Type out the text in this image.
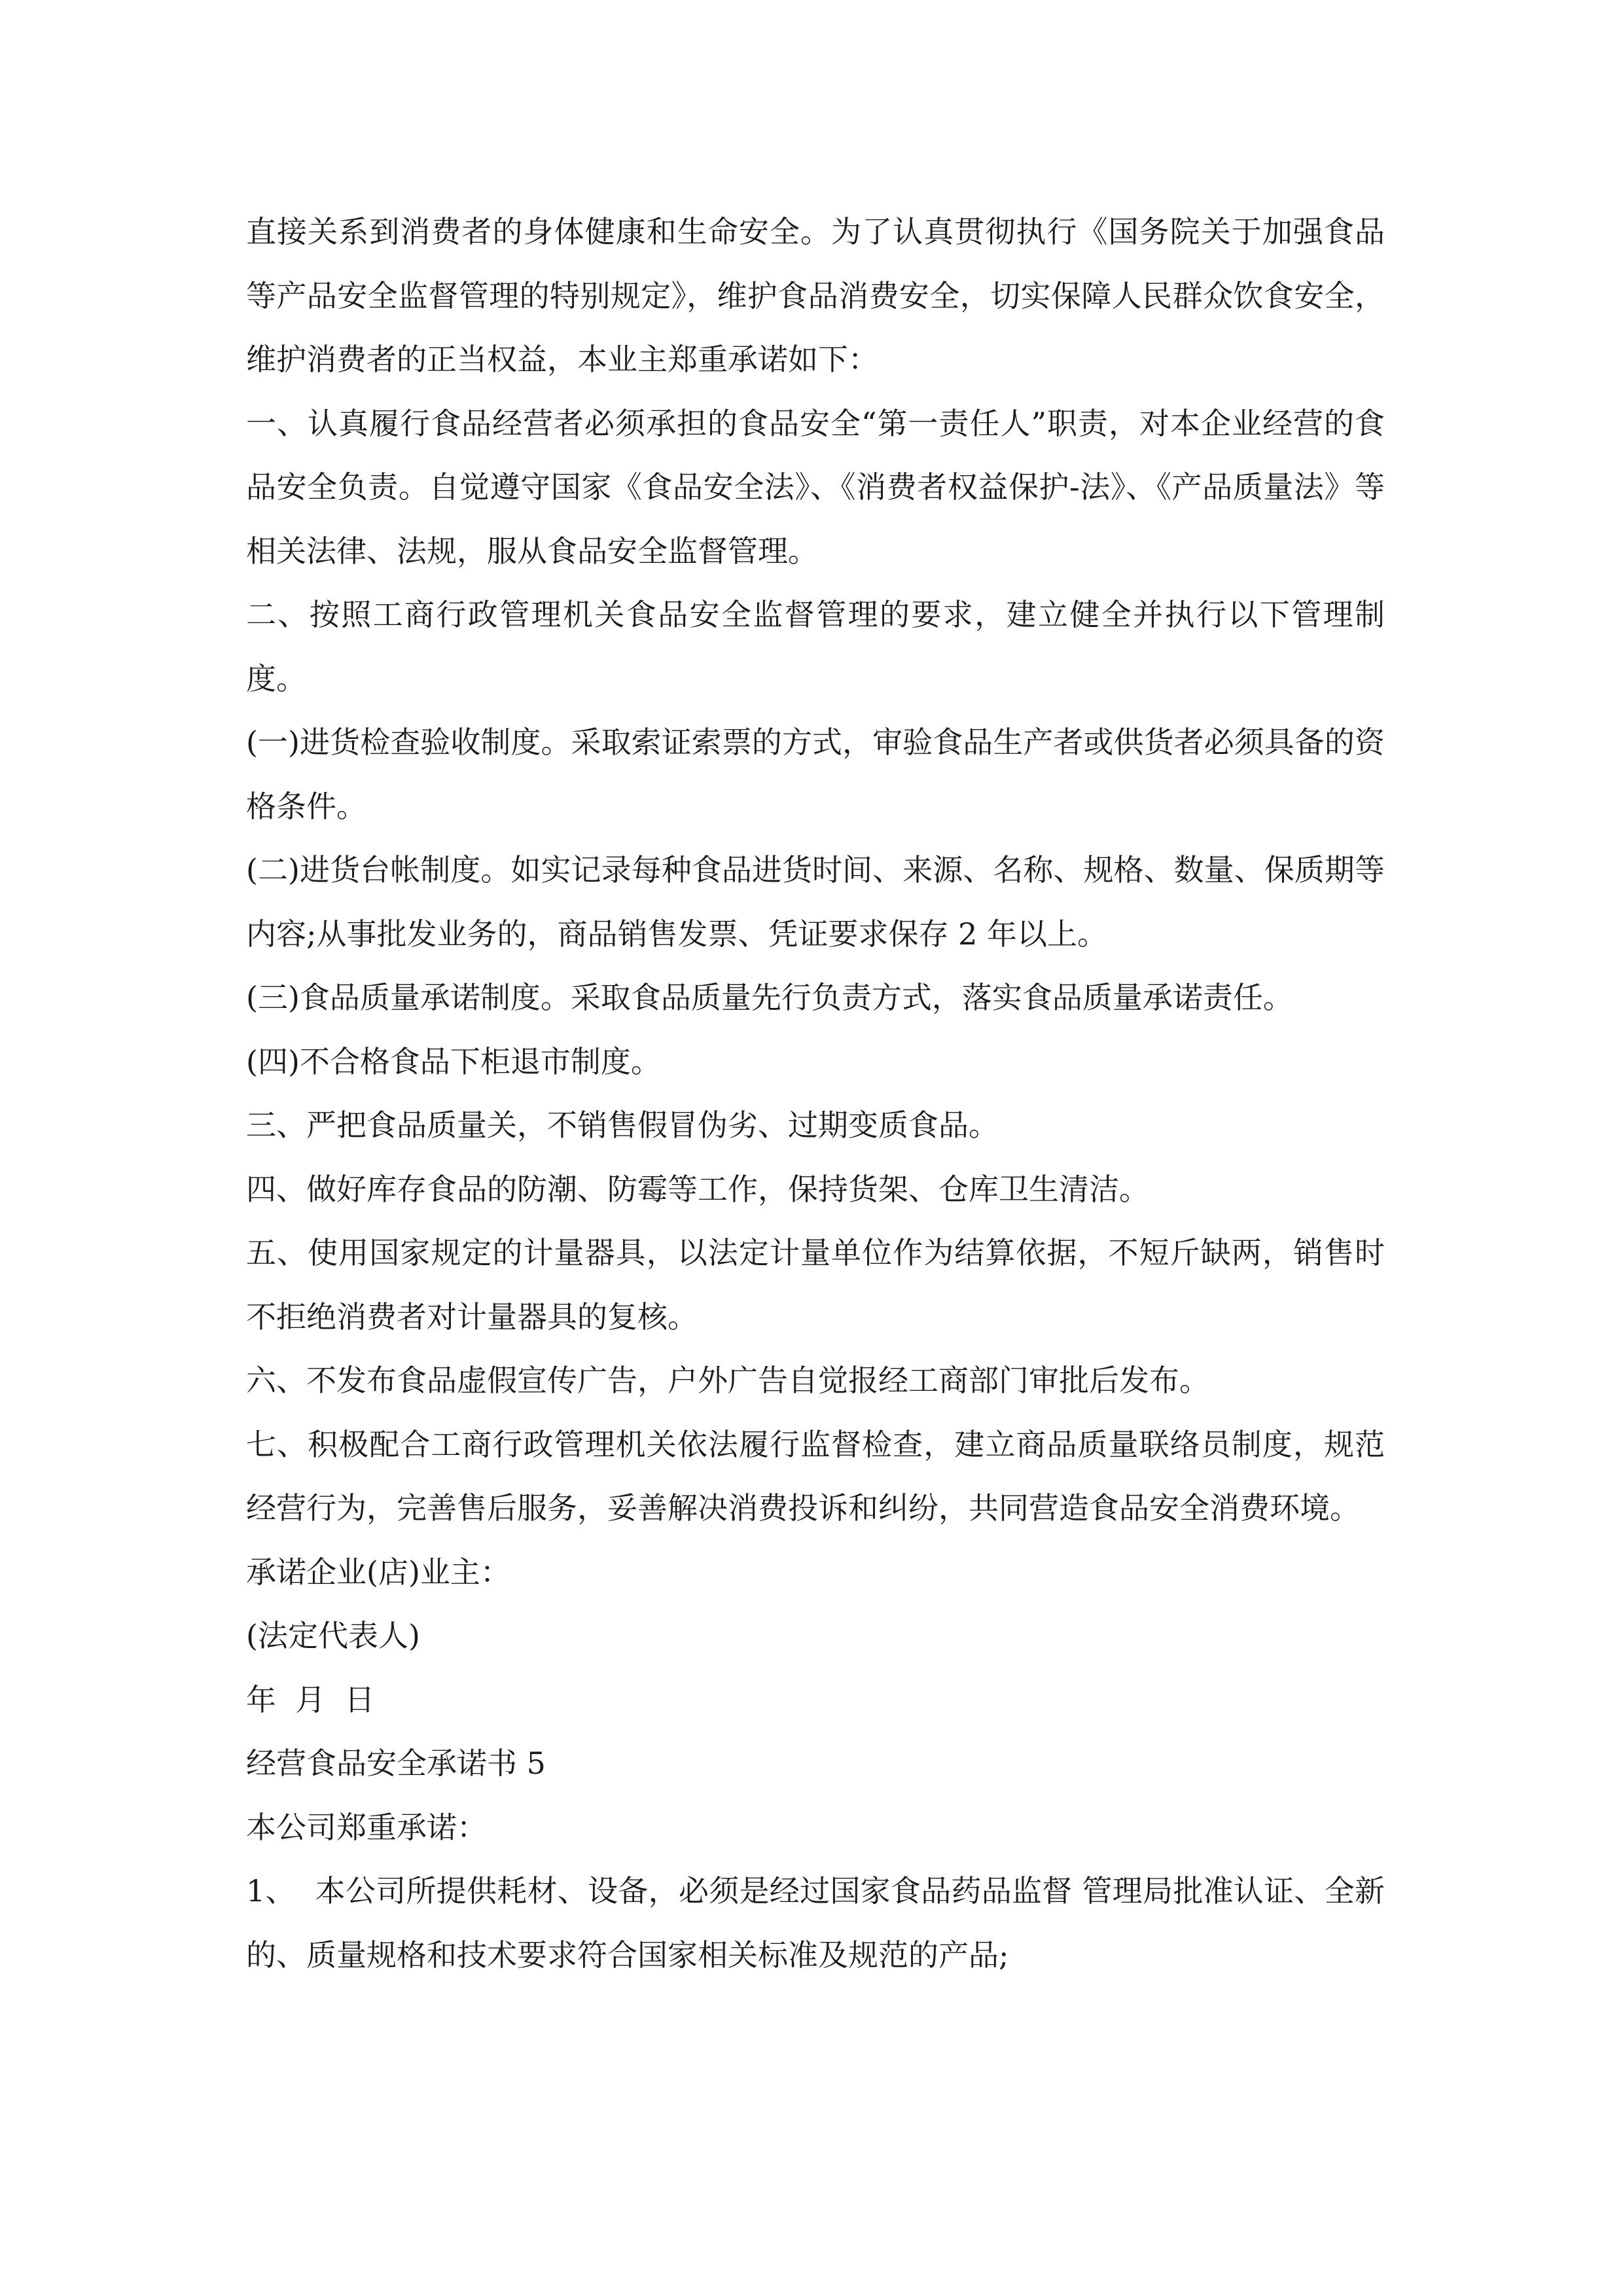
直接关系到消费者的身体健康和生命安全。为了认真贯彻执行《国务院关于加强食品等产品安全监督管理的特别规定》，维护食品消费安全，切实保障人民群众饮食安全，维护消费者的正当权益，本业主郑重承诺如下：

一、认真履行食品经营者必须承担的食品安全“第一责任人”职责，对本企业经营的食品安全负责。自觉遵守国家《食品安全法》、《消费者权益保护-法》、《产品质量法》等相关法律、法规，服从食品安全监督管理。

二、按照工商行政管理机关食品安全监督管理的要求，建立健全并执行以下管理制度。

(一)进货检查验收制度。采取索证索票的方式，审验食品生产者或供货者必须具备的资格条件。

(二)进货台帐制度。如实记录每种食品进货时间、来源、名称、规格、数量、保质期等内容;从事批发业务的，商品销售发票、凭证要求保存 2 年以上。

(三)食品质量承诺制度。采取食品质量先行负责方式，落实食品质量承诺责任。

(四)不合格食品下柜退市制度。

三、严把食品质量关，不销售假冒伪劣、过期变质食品。

四、做好库存食品的防潮、防霉等工作，保持货架、仓库卫生清洁。

五、使用国家规定的计量器具，以法定计量单位作为结算依据，不短斤缺两，销售时不拒绝消费者对计量器具的复核。

六、不发布食品虚假宣传广告，户外广告自觉报经工商部门审批后发布。

七、积极配合工商行政管理机关依法履行监督检查，建立商品质量联络员制度，规范经营行为，完善售后服务，妥善解决消费投诉和纠纷，共同营造食品安全消费环境。

承诺企业(店)业主：

(法定代表人)

年  月  日

经营食品安全承诺书 5

本公司郑重承诺：

1、  本公司所提供耗材、设备，必须是经过国家食品药品监督 管理局批准认证、全新的、质量规格和技术要求符合国家相关标准及规范的产品;
